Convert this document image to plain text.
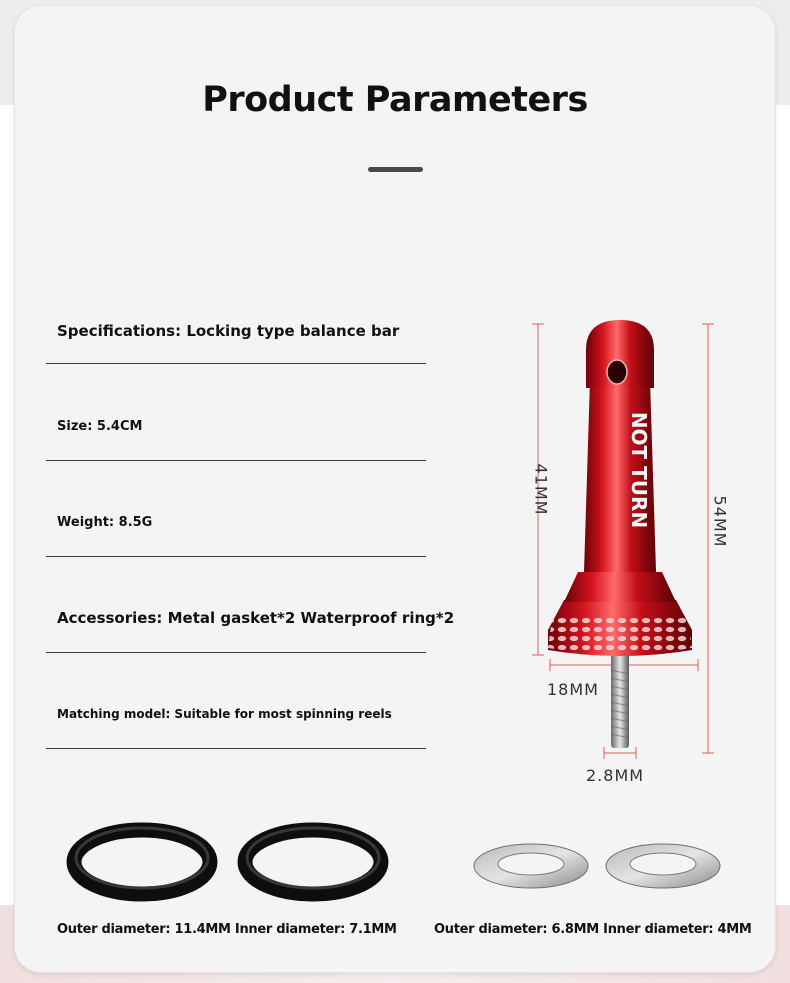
Product Parameters
Specifications: Locking type balance bar
Size: 5.4CM
Weight: 8.5G
Accessories: Metal gasket*2 Waterproof ring*2
Matching model: Suitable for most spinning reels
NOT TURN
41MM
54MM
18MM
2.8MM
Outer diameter: 11.4MM Inner diameter: 7.1MM	Outer diameter: 6.8MM Inner diameter: 4MM
